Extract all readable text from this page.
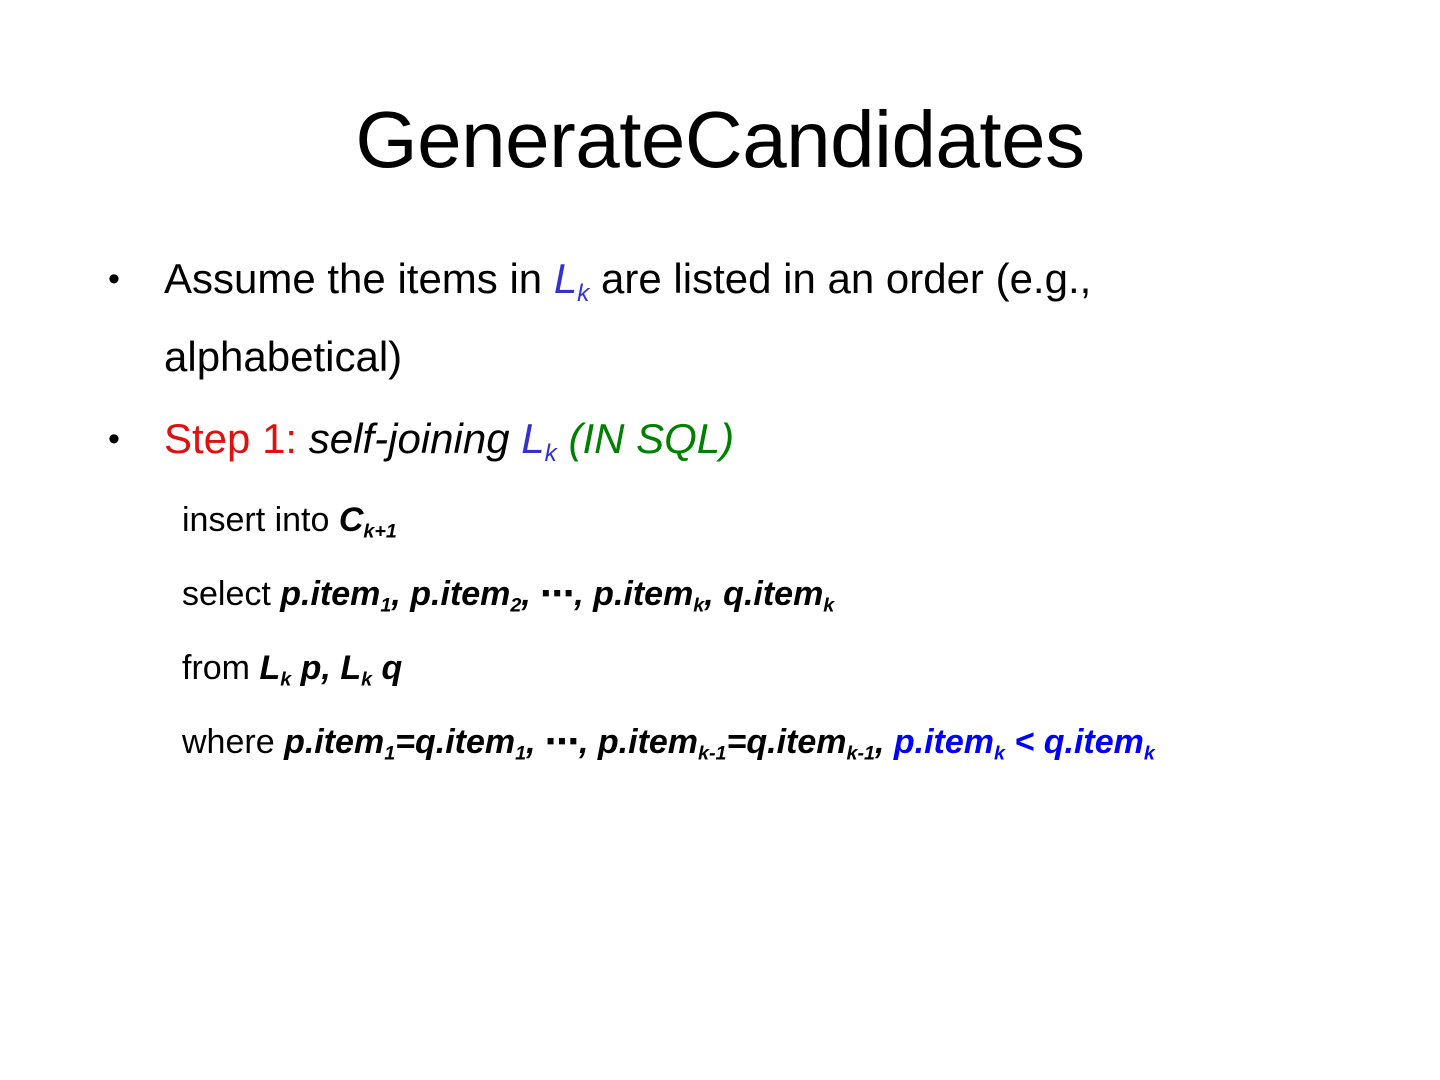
GenerateCandidates
•	Assume the items in $L_k$ are listed in an order (e.g.,
alphabetical)
•	Step 1: self-joining $L_k$ (IN SQL)
insert into $C_{k+1}$
select p.item$_1$, p.item$_2$, ⋯, p.item$_k$, q.item$_k$
from $L_k$ p, $L_k$ q
where p.item$_1$=q.item$_1$, ⋯, p.item$_{k-1}$=q.item$_{k-1}$, p.item$_k$ < q.item$_k$
